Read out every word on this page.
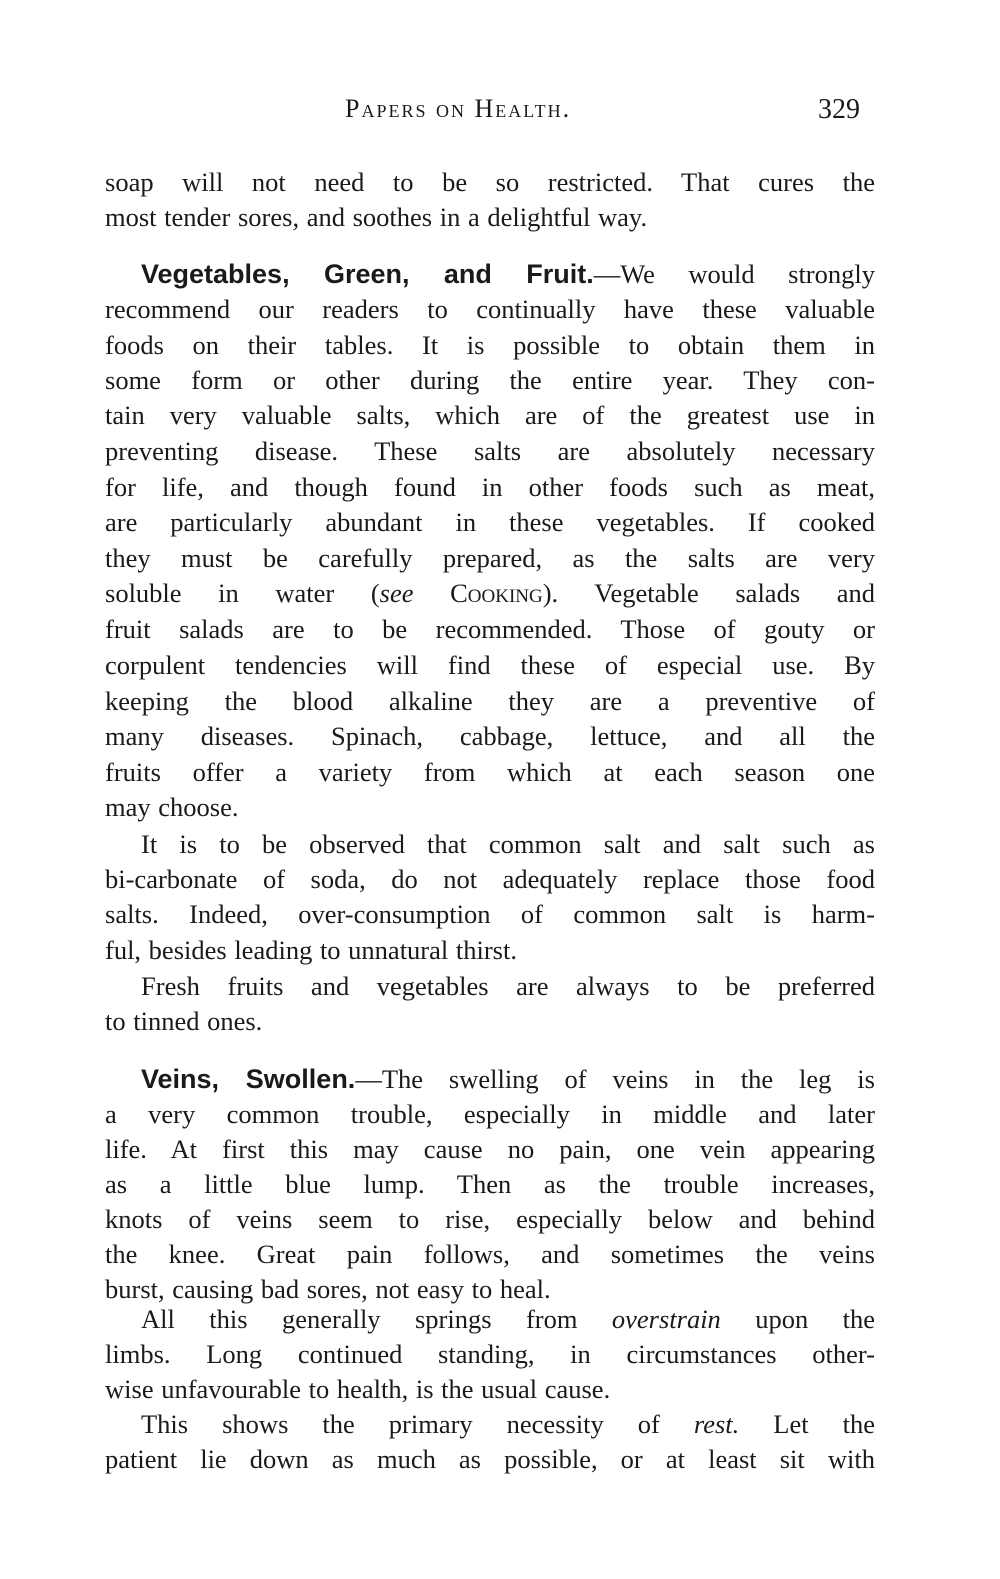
Papers on Health.	329
soap will not need to be so restricted. That cures the
most tender sores, and soothes in a delightful way.
Vegetables, Green, and Fruit.—We would strongly
recommend our readers to continually have these valuable
foods on their tables. It is possible to obtain them in
some form or other during the entire year. They con-
tain very valuable salts, which are of the greatest use in
preventing disease. These salts are absolutely necessary
for life, and though found in other foods such as meat,
are particularly abundant in these vegetables. If cooked
they must be carefully prepared, as the salts are very
soluble in water (see Cooking). Vegetable salads and
fruit salads are to be recommended. Those of gouty or
corpulent tendencies will find these of especial use. By
keeping the blood alkaline they are a preventive of
many diseases. Spinach, cabbage, lettuce, and all the
fruits offer a variety from which at each season one
may choose.
It is to be observed that common salt and salt such as
bi-carbonate of soda, do not adequately replace those food
salts. Indeed, over-consumption of common salt is harm-
ful, besides leading to unnatural thirst.
Fresh fruits and vegetables are always to be preferred
to tinned ones.
Veins, Swollen.—The swelling of veins in the leg is
a very common trouble, especially in middle and later
life. At first this may cause no pain, one vein appearing
as a little blue lump. Then as the trouble increases,
knots of veins seem to rise, especially below and behind
the knee. Great pain follows, and sometimes the veins
burst, causing bad sores, not easy to heal.
All this generally springs from overstrain upon the
limbs. Long continued standing, in circumstances other-
wise unfavourable to health, is the usual cause.
This shows the primary necessity of rest. Let the
patient lie down as much as possible, or at least sit with
